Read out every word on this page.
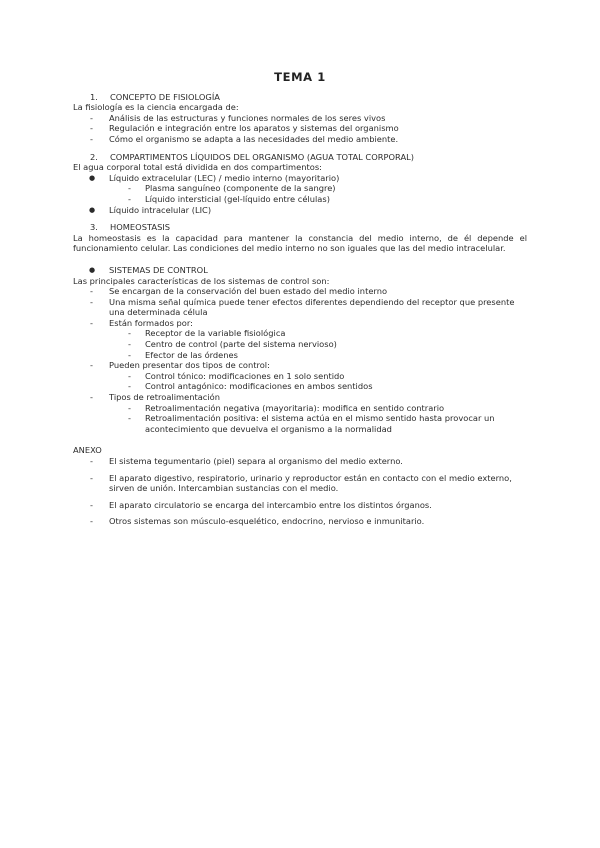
TEMA 1
1. CONCEPTO DE FISIOLOGÍA

La fisiología es la ciencia encargada de:

- Análisis de las estructuras y funciones normales de los seres vivos
- Regulación e integración entre los aparatos y sistemas del organismo
- Cómo el organismo se adapta a las necesidades del medio ambiente.
2. COMPARTIMENTOS LÍQUIDOS DEL ORGANISMO (AGUA TOTAL CORPORAL)

El agua corporal total está dividida en dos compartimentos:

● Líquido extracelular (LEC) / medio interno (mayoritario)
- Plasma sanguíneo (componente de la sangre)
- Líquido intersticial (gel-líquido entre células)
● Líquido intracelular (LIC)
3. HOMEOSTASIS

La homeostasis es la capacidad para mantener la constancia del medio interno, de él depende el funcionamiento celular. Las condiciones del medio interno no son iguales que las del medio intracelular.

● SISTEMAS DE CONTROL

Las principales características de los sistemas de control son:

- Se encargan de la conservación del buen estado del medio interno
- Una misma señal química puede tener efectos diferentes dependiendo del receptor que presente una determinada célula
- Están formados por:
- Receptor de la variable fisiológica
- Centro de control (parte del sistema nervioso)
- Efector de las órdenes
- Pueden presentar dos tipos de control:
- Control tónico: modificaciones en 1 solo sentido
- Control antagónico: modificaciones en ambos sentidos
- Tipos de retroalimentación
- Retroalimentación negativa (mayoritaria): modifica en sentido contrario
- Retroalimentación positiva: el sistema actúa en el mismo sentido hasta provocar un acontecimiento que devuelva el organismo a la normalidad
ANEXO
- El sistema tegumentario (piel) separa al organismo del medio externo.
- El aparato digestivo, respiratorio, urinario y reproductor están en contacto con el medio externo, sirven de unión. Intercambian sustancias con el medio.
- El aparato circulatorio se encarga del intercambio entre los distintos órganos.
- Otros sistemas son músculo-esquelético, endocrino, nervioso e inmunitario.
